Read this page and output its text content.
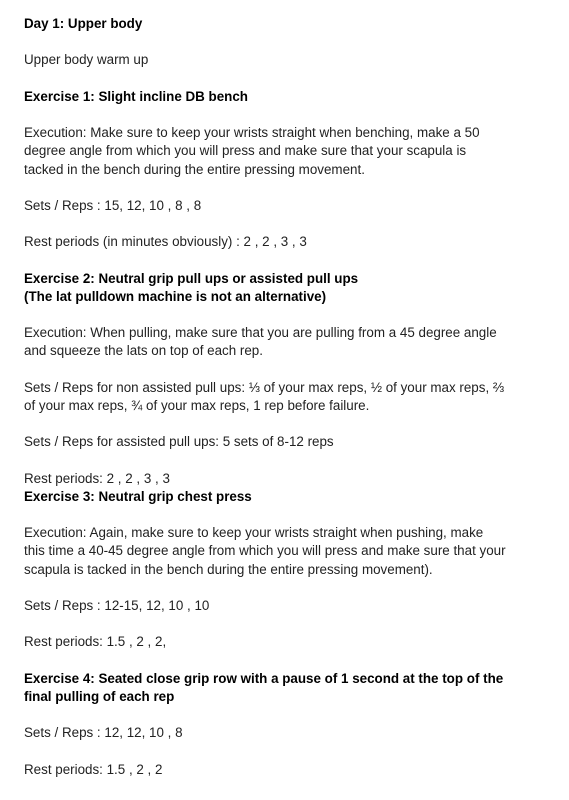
Day 1: Upper body
Upper body warm up
Exercise 1: Slight incline DB bench
Execution: Make sure to keep your wrists straight when benching, make a 50
degree angle from which you will press and make sure that your scapula is
tacked in the bench during the entire pressing movement.
Sets / Reps : 15, 12, 10 , 8 , 8
Rest periods (in minutes obviously) : 2 , 2 , 3 , 3
Exercise 2: Neutral grip pull ups or assisted pull ups
(The lat pulldown machine is not an alternative)
Execution: When pulling, make sure that you are pulling from a 45 degree angle
and squeeze the lats on top of each rep.
Sets / Reps for non assisted pull ups: ⅓ of your max reps, ½ of your max reps, ⅔
of your max reps, ¾ of your max reps, 1 rep before failure.
Sets / Reps for assisted pull ups: 5 sets of 8-12 reps
Rest periods: 2 , 2 , 3 , 3
Exercise 3: Neutral grip chest press
Execution: Again, make sure to keep your wrists straight when pushing, make
this time a 40-45 degree angle from which you will press and make sure that your
scapula is tacked in the bench during the entire pressing movement).
Sets / Reps : 12-15, 12, 10 , 10
Rest periods: 1.5 , 2 , 2,
Exercise 4: Seated close grip row with a pause of 1 second at the top of the
final pulling of each rep
Sets / Reps : 12, 12, 10 , 8
Rest periods: 1.5 , 2 , 2
